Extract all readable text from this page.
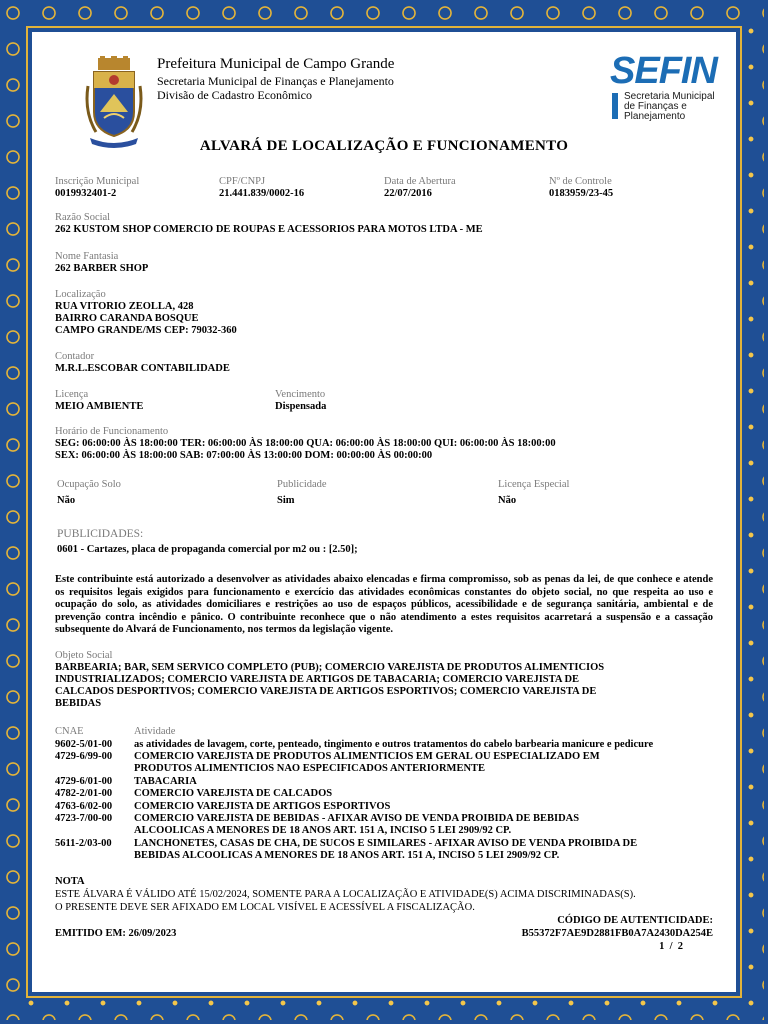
Prefeitura Municipal de Campo Grande
Secretaria Municipal de Finanças e Planejamento
Divisão de Cadastro Econômico
SEFIN
Secretaria Municipal
de Finanças e
Planejamento
ALVARÁ DE LOCALIZAÇÃO E FUNCIONAMENTO
Inscrição Municipal
0019932401-2
CPF/CNPJ
21.441.839/0002-16
Data de Abertura
22/07/2016
Nº de Controle
0183959/23-45
Razão Social
262 KUSTOM SHOP COMERCIO DE ROUPAS E ACESSORIOS PARA MOTOS LTDA - ME
Nome Fantasia
262 BARBER SHOP
Localização
RUA VITORIO ZEOLLA, 428
BAIRRO CARANDA BOSQUE
CAMPO GRANDE/MS CEP: 79032-360
Contador
M.R.L.ESCOBAR CONTABILIDADE
Licença
MEIO AMBIENTE
Vencimento
Dispensada
Horário de Funcionamento
SEG: 06:00:00 ÀS 18:00:00 TER: 06:00:00 ÀS 18:00:00 QUA: 06:00:00 ÀS 18:00:00 QUI: 06:00:00 ÀS 18:00:00
SEX: 06:00:00 ÀS 18:00:00 SAB: 07:00:00 ÀS 13:00:00 DOM: 00:00:00 ÀS 00:00:00
Ocupação Solo
Não
Publicidade
Sim
Licença Especial
Não
PUBLICIDADES:
0601 - Cartazes, placa de propaganda comercial por m2 ou : [2.50];
Este contribuinte está autorizado a desenvolver as atividades abaixo elencadas e firma compromisso, sob as penas da lei, de que conhece e atende os requisitos legais exigidos para funcionamento e exercício das atividades econômicas constantes do objeto social, no que respeita ao uso e ocupação do solo, as atividades domiciliares e restrições ao uso de espaços públicos, acessibilidade e de segurança sanitária, ambiental e de prevenção contra incêndio e pânico. O contribuinte reconhece que o não atendimento a estes requisitos acarretará a suspensão e a cassação subsequente do Alvará de Funcionamento, nos termos da legislação vigente.
Objeto Social
BARBEARIA; BAR, SEM SERVICO COMPLETO (PUB); COMERCIO VAREJISTA DE PRODUTOS ALIMENTICIOS
INDUSTRIALIZADOS; COMERCIO VAREJISTA DE ARTIGOS DE TABACARIA; COMERCIO VAREJISTA DE
CALCADOS DESPORTIVOS; COMERCIO VAREJISTA DE ARTIGOS ESPORTIVOS; COMERCIO VAREJISTA DE
BEBIDAS
CNAE	Atividade
9602-5/01-00	as atividades de lavagem, corte, penteado, tingimento e outros tratamentos do cabelo barbearia manicure e pedicure
4729-6/99-00	COMERCIO VAREJISTA DE PRODUTOS ALIMENTICIOS EM GERAL OU ESPECIALIZADO EM
PRODUTOS ALIMENTICIOS NAO ESPECIFICADOS ANTERIORMENTE
4729-6/01-00	TABACARIA
4782-2/01-00	COMERCIO VAREJISTA DE CALCADOS
4763-6/02-00	COMERCIO VAREJISTA DE ARTIGOS ESPORTIVOS
4723-7/00-00	COMERCIO VAREJISTA DE BEBIDAS - AFIXAR AVISO DE VENDA PROIBIDA DE BEBIDAS
ALCOOLICAS A MENORES DE 18 ANOS ART. 151 A, INCISO 5 LEI 2909/92 CP.
5611-2/03-00	LANCHONETES, CASAS DE CHA, DE SUCOS E SIMILARES - AFIXAR AVISO DE VENDA PROIBIDA DE
BEBIDAS ALCOOLICAS A MENORES DE 18 ANOS ART. 151 A, INCISO 5 LEI 2909/92 CP.
NOTA
ESTE ÁLVARA É VÁLIDO ATÉ 15/02/2024, SOMENTE PARA A LOCALIZAÇÃO E ATIVIDADE(S) ACIMA DISCRIMINADAS(S).
O PRESENTE DEVE SER AFIXADO EM LOCAL VISÍVEL E ACESSÍVEL A FISCALIZAÇÃO.
CÓDIGO DE AUTENTICIDADE:
B55372F7AE9D2881FB0A7A2430DA254E
EMITIDO EM: 26/09/2023
1  /  2
